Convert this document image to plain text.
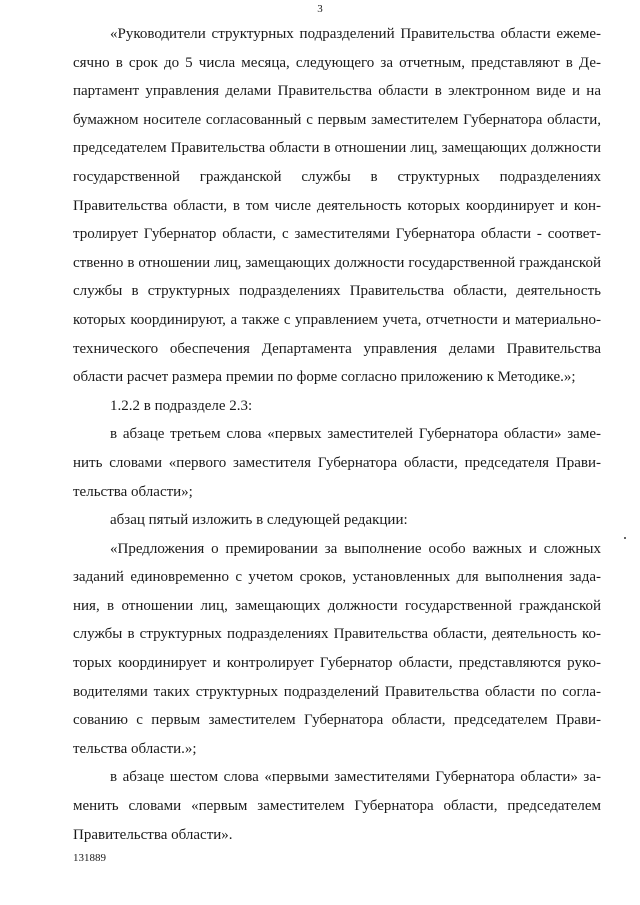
3

«Руководители структурных подразделений Правительства области ежемесячно в срок до 5 числа месяца, следующего за отчетным, представляют в Департамент управления делами Правительства области в электронном виде и на бумажном носителе согласованный с первым заместителем Губернатора области, председателем Правительства области в отношении лиц, замещающих должности государственной гражданской службы в структурных подразделениях Правительства области, в том числе деятельность которых координирует и контролирует Губернатор области, с заместителями Губернатора области - соответственно в отношении лиц, замещающих должности государственной гражданской службы в структурных подразделениях Правительства области, деятельность которых координируют, а также с управлением учета, отчетности и материально-технического обеспечения Департамента управления делами Правительства области расчет размера премии по форме согласно приложению к Методике.»;

1.2.2 в подразделе 2.3:

в абзаце третьем слова «первых заместителей Губернатора области» заменить словами «первого заместителя Губернатора области, председателя Правительства области»;

абзац пятый изложить в следующей редакции:

«Предложения о премировании за выполнение особо важных и сложных заданий единовременно с учетом сроков, установленных для выполнения задания, в отношении лиц, замещающих должности государственной гражданской службы в структурных подразделениях Правительства области, деятельность которых координирует и контролирует Губернатор области, представляются руководителями таких структурных подразделений Правительства области по согласованию с первым заместителем Губернатора области, председателем Правительства области.»;

в абзаце шестом слова «первыми заместителями Губернатора области» заменить словами «первым заместителем Губернатора области, председателем Правительства области».

131889
